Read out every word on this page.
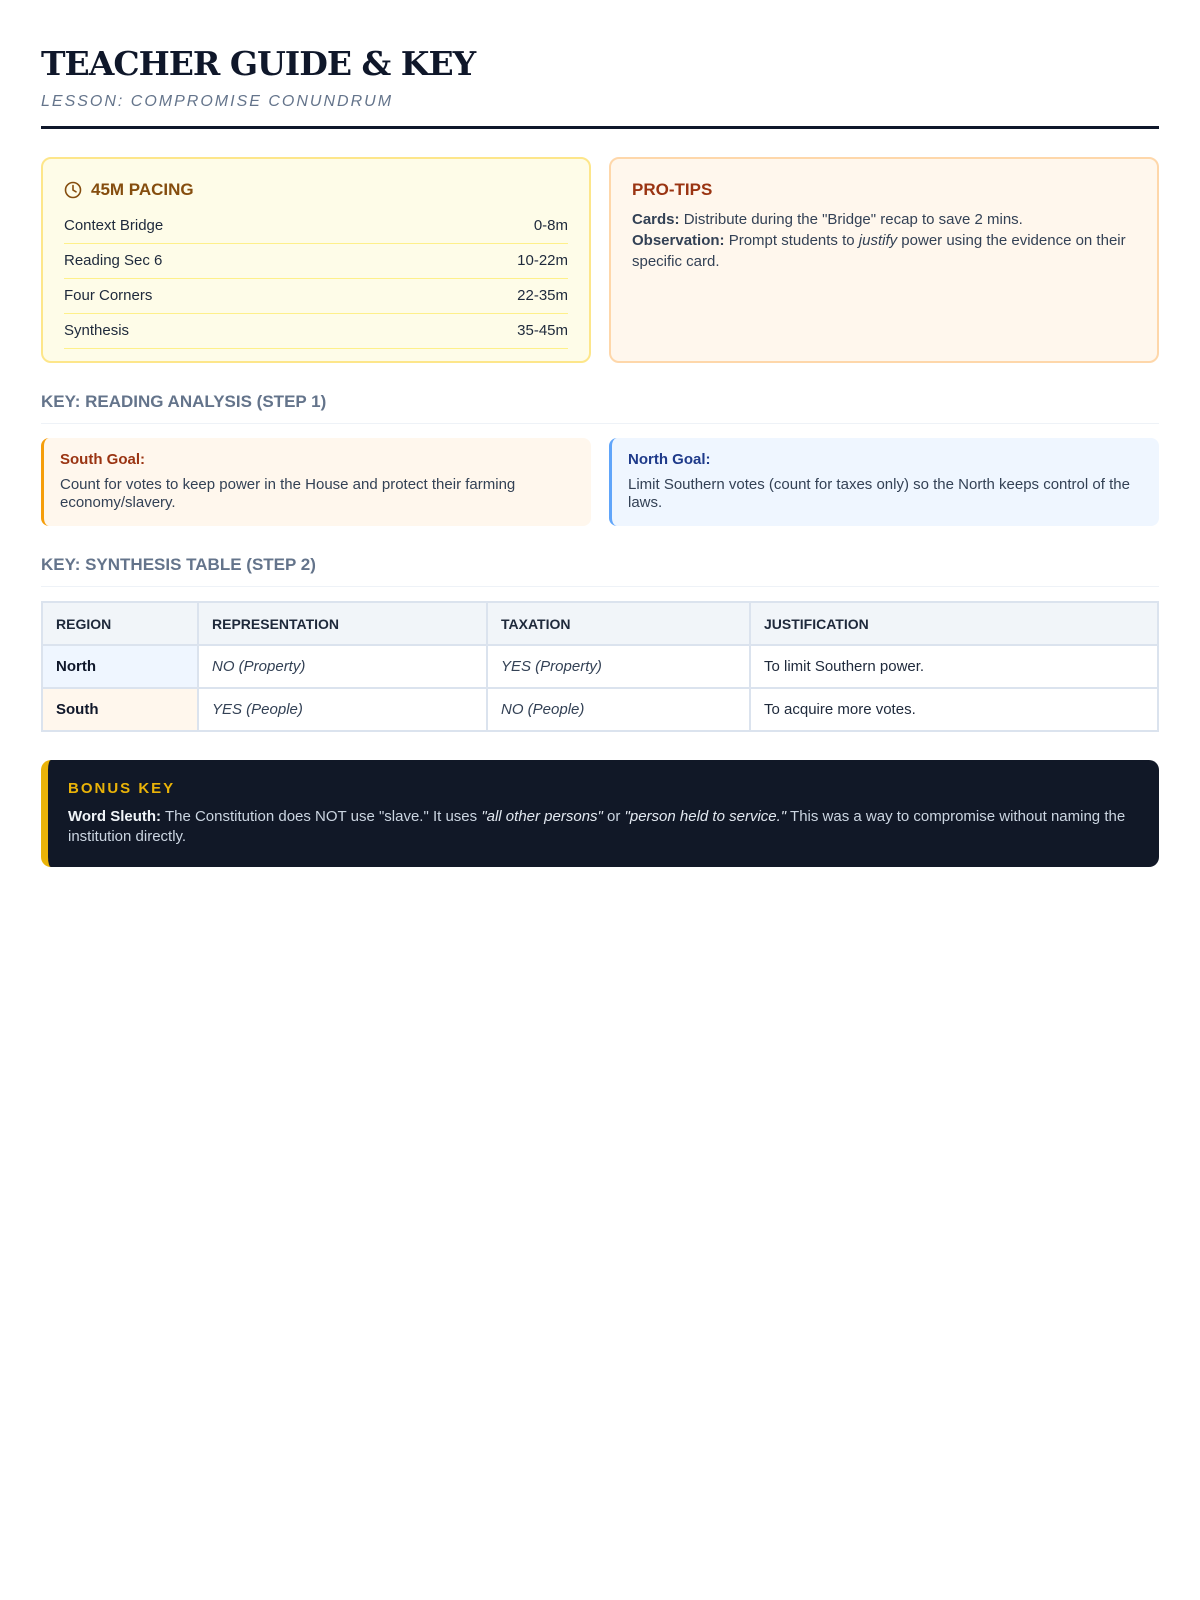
TEACHER GUIDE & KEY
LESSON: COMPROMISE CONUNDRUM
45M PACING
Context Bridge	0-8m
Reading Sec 6	10-22m
Four Corners	22-35m
Synthesis	35-45m
PRO-TIPS
Cards: Distribute during the "Bridge" recap to save 2 mins.
Observation: Prompt students to justify power using the evidence on their specific card.
KEY: READING ANALYSIS (STEP 1)
South Goal:
Count for votes to keep power in the House and protect their farming economy/slavery.
North Goal:
Limit Southern votes (count for taxes only) so the North keeps control of the laws.
KEY: SYNTHESIS TABLE (STEP 2)
REGION	REPRESENTATION	TAXATION	JUSTIFICATION
North	NO (Property)	YES (Property)	To limit Southern power.
South	YES (People)	NO (People)	To acquire more votes.
BONUS KEY
Word Sleuth: The Constitution does NOT use "slave." It uses "all other persons" or "person held to service." This was a way to compromise without naming the institution directly.
